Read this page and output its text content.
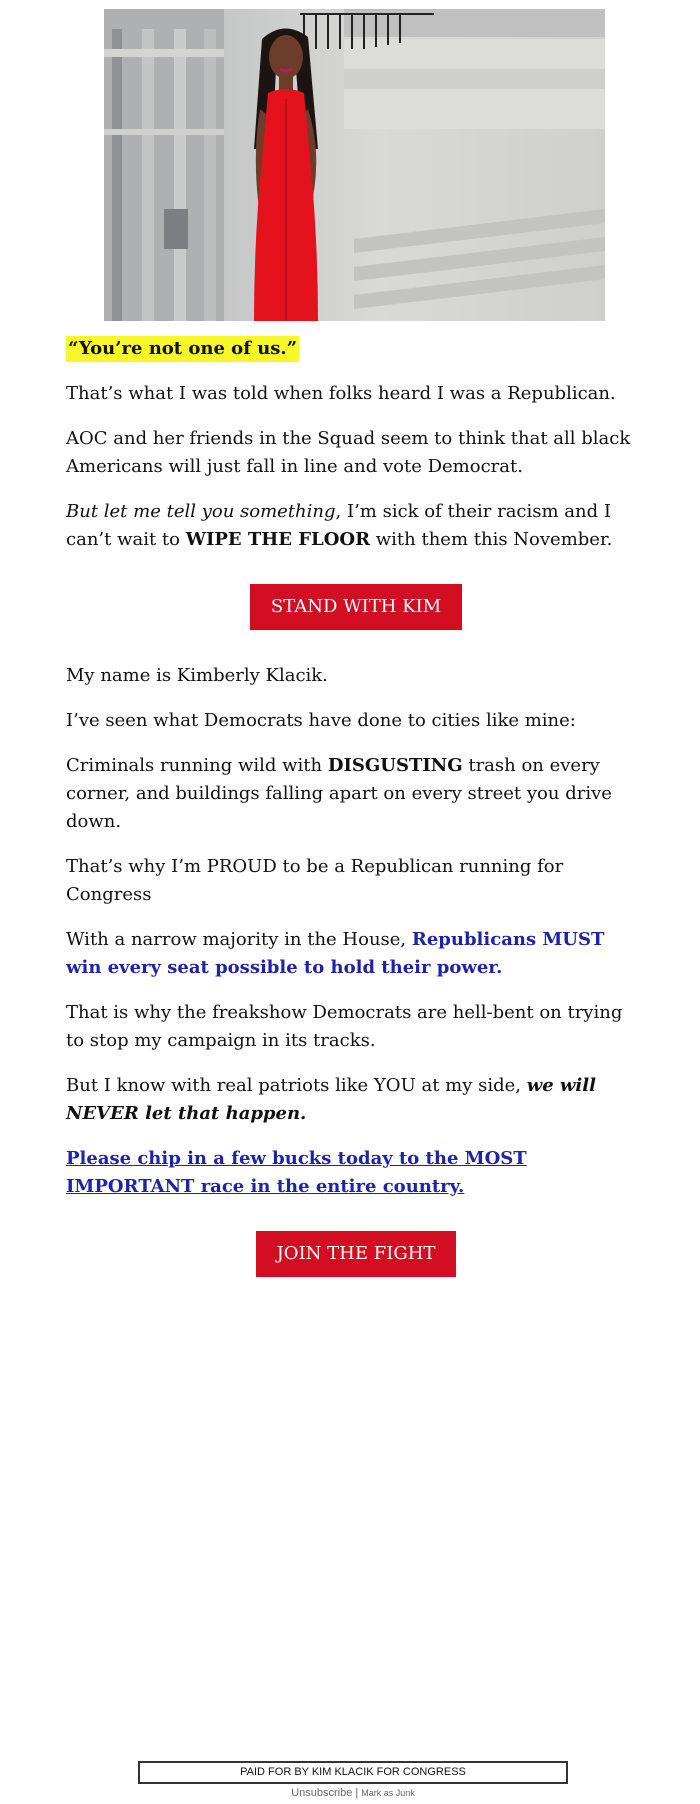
“You’re not one of us.”

That’s what I was told when folks heard I was a Republican.

AOC and her friends in the Squad seem to think that all black Americans will just fall in line and vote Democrat.

But let me tell you something, I’m sick of their racism and I can’t wait to WIPE THE FLOOR with them this November.

STAND WITH KIM

My name is Kimberly Klacik.

I’ve seen what Democrats have done to cities like mine:

Criminals running wild with DISGUSTING trash on every corner, and buildings falling apart on every street you drive down.

That’s why I’m PROUD to be a Republican running for Congress

With a narrow majority in the House, Republicans MUST win every seat possible to hold their power.

That is why the freakshow Democrats are hell-bent on trying to stop my campaign in its tracks.

But I know with real patriots like YOU at my side, we will NEVER let that happen.

Please chip in a few bucks today to the MOST IMPORTANT race in the entire country.

JOIN THE FIGHT
PAID FOR BY KIM KLACIK FOR CONGRESS
Unsubscribe | Mark as Junk
